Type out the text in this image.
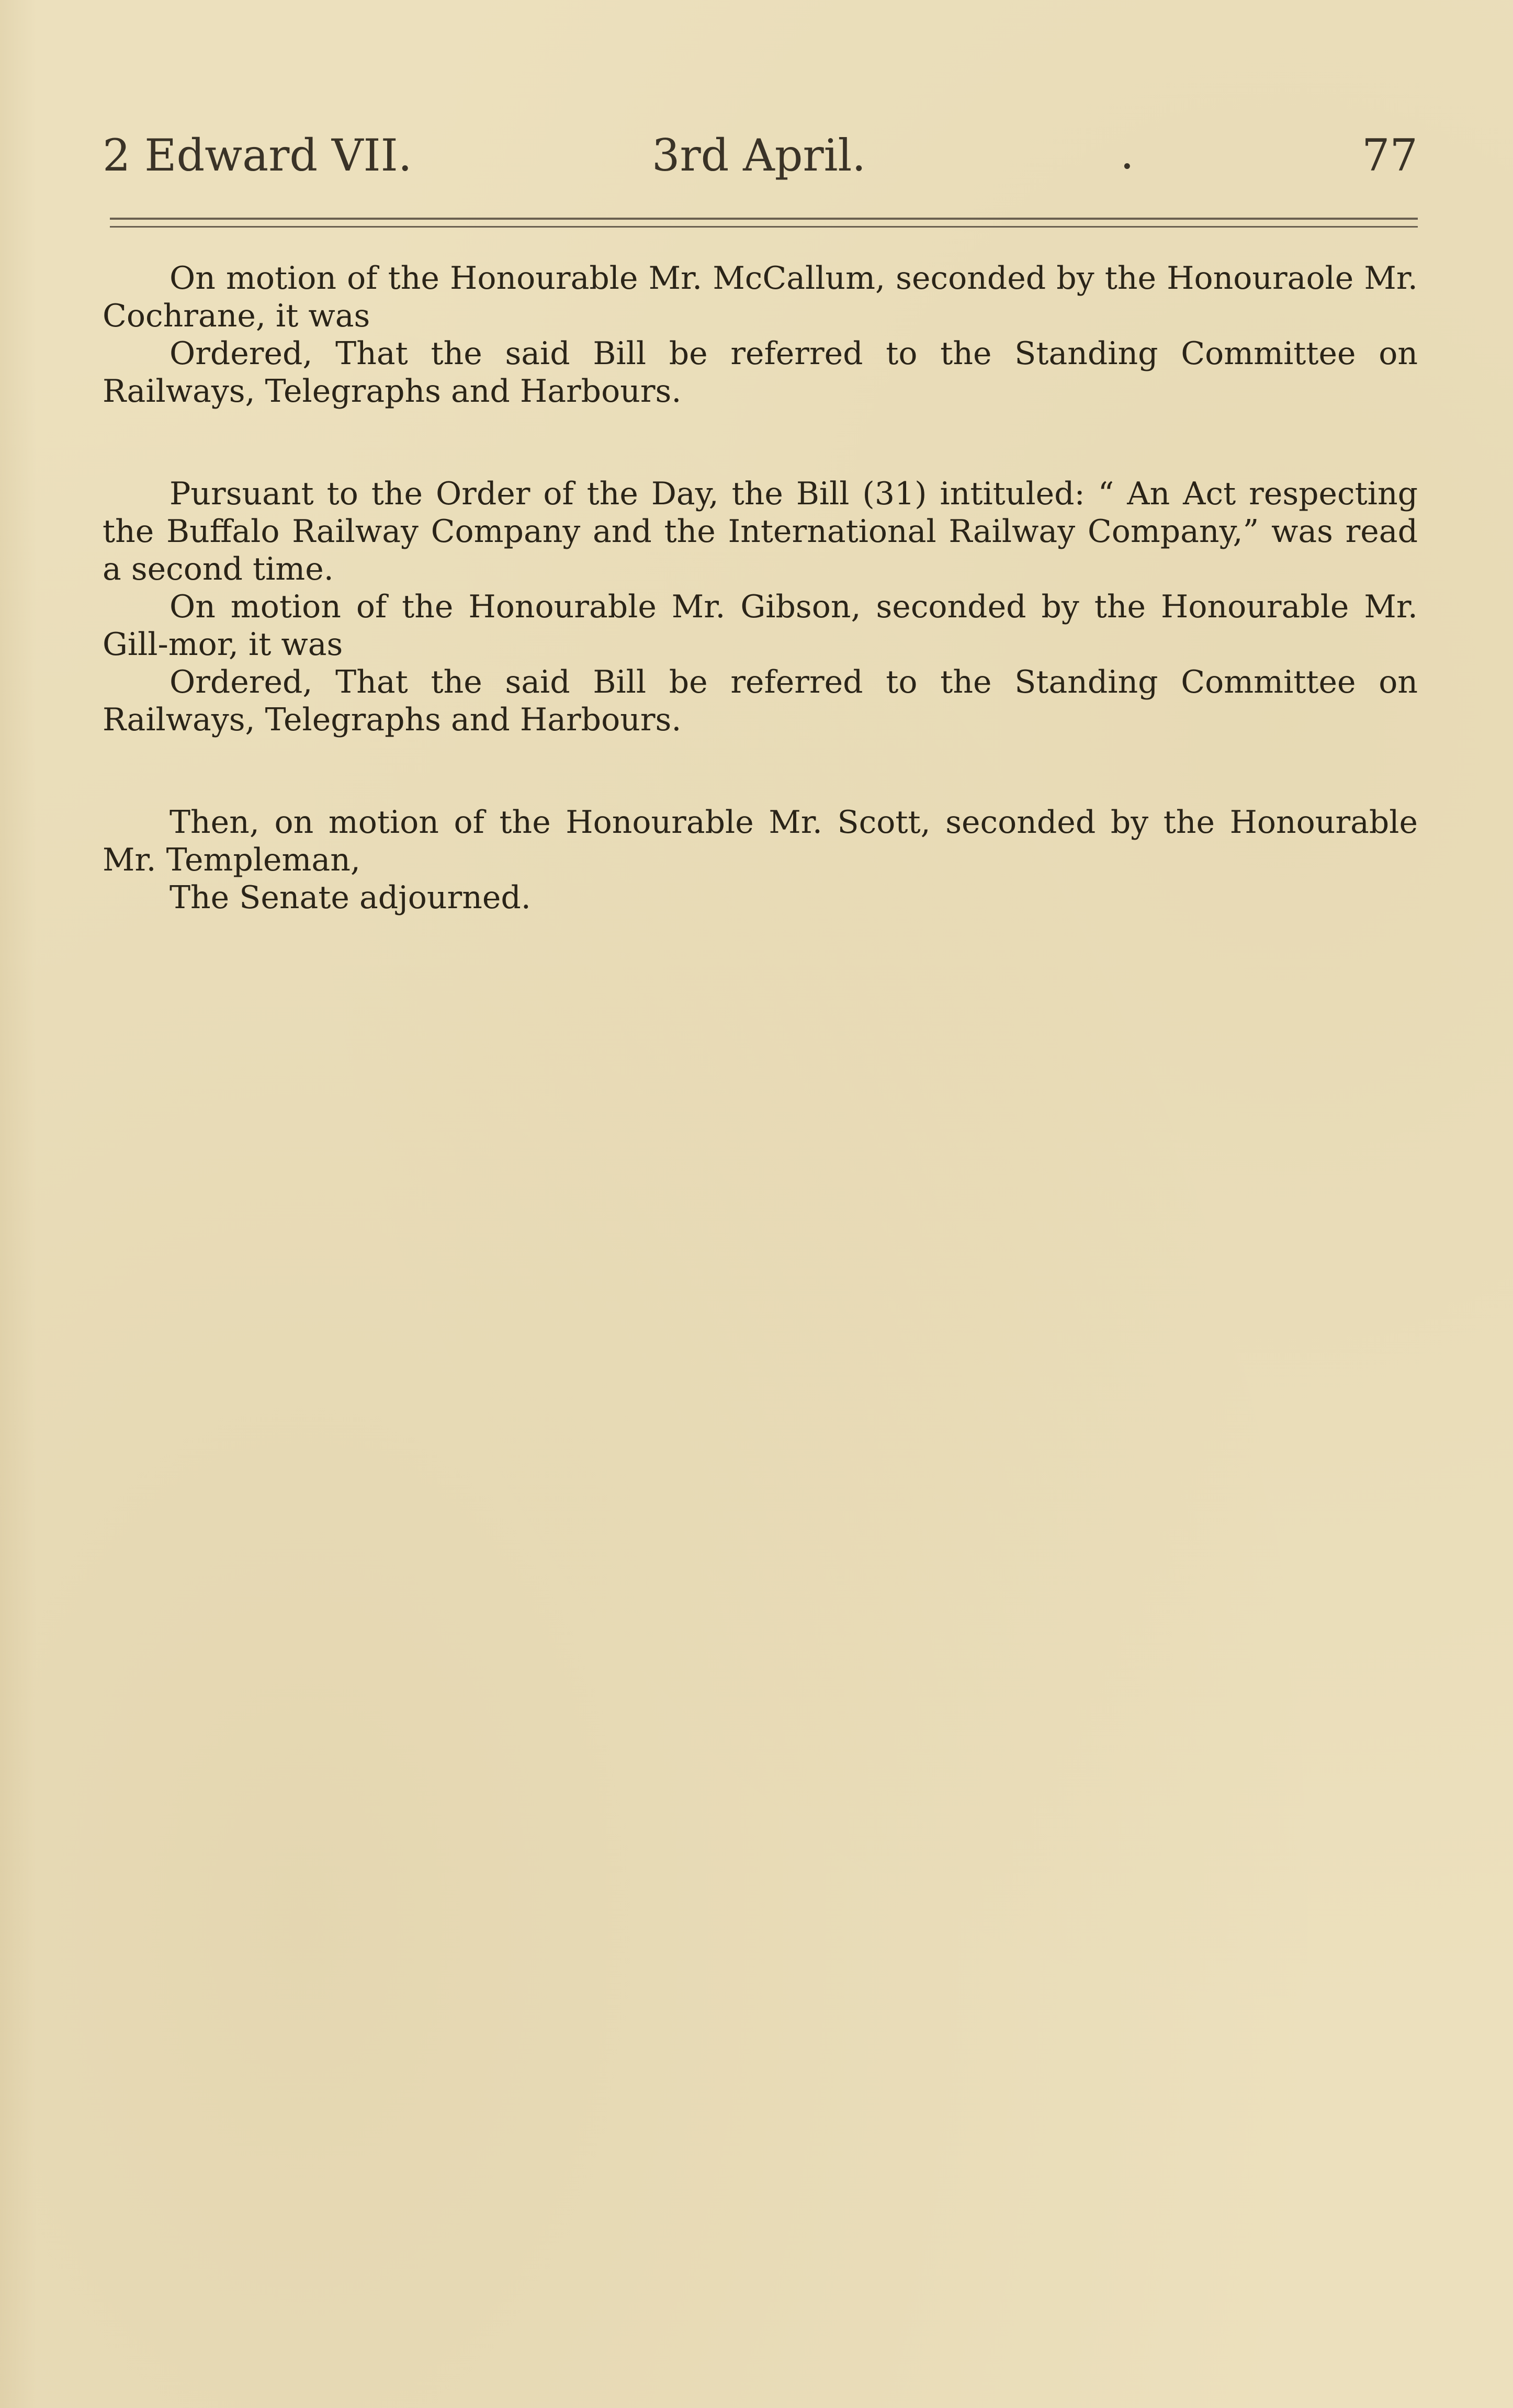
2 Edward VII.	3rd April.	.	77

On motion of the Honourable Mr. McCallum, seconded by the Honouraole Mr. Cochrane, it was

Ordered, That the said Bill be referred to the Standing Committee on Railways, Telegraphs and Harbours.

Pursuant to the Order of the Day, the Bill (31) intituled: “ An Act respecting the Buffalo Railway Company and the International Railway Company,” was read a second time.

On motion of the Honourable Mr. Gibson, seconded by the Honourable Mr. Gill-mor, it was

Ordered, That the said Bill be referred to the Standing Committee on Railways, Telegraphs and Harbours.

Then, on motion of the Honourable Mr. Scott, seconded by the Honourable Mr. Templeman,

The Senate adjourned.
